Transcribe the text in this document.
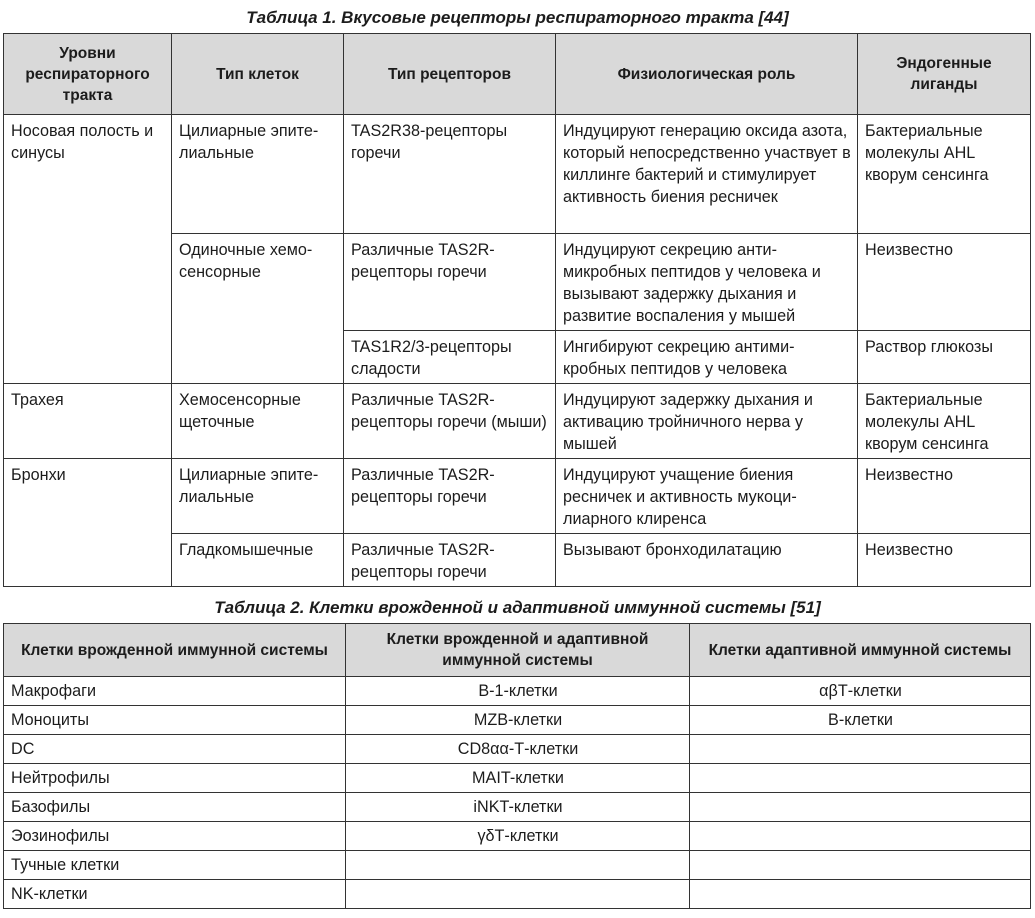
Таблица 1. Вкусовые рецепторы респираторного тракта [44]
Уровни респираторного тракта	Тип клеток	Тип рецепторов	Физиологическая роль	Эндогенные лиганды
Носовая полость и синусы	Цилиарные эпителиальные	TAS2R38-рецепторы горечи	Индуцируют генерацию оксида азота, который непосредственно участвует в киллинге бактерий и стимулирует активность биения ресничек	Бактериальные молекулы AHL кворум сенсинга
	Одиночные хемосенсорные	Различные TAS2R-рецепторы горечи	Индуцируют секрецию антимикробных пептидов у человека и вызывают задержку дыхания и развитие воспаления у мышей	Неизвестно
		TAS1R2/3-рецепторы сладости	Ингибируют секрецию антимикробных пептидов у человека	Раствор глюкозы
Трахея	Хемосенсорные щеточные	Различные TAS2R-рецепторы горечи (мыши)	Индуцируют задержку дыхания и активацию тройничного нерва у мышей	Бактериальные молекулы AHL кворум сенсинга
Бронхи	Цилиарные эпителиальные	Различные TAS2R-рецепторы горечи	Индуцируют учащение биения ресничек и активность мукоцилиарного клиренса	Неизвестно
	Гладкомышечные	Различные TAS2R-рецепторы горечи	Вызывают бронходилатацию	Неизвестно
Таблица 2. Клетки врожденной и адаптивной иммунной системы [51]
Клетки врожденной иммунной системы	Клетки врожденной и адаптивной иммунной системы	Клетки адаптивной иммунной системы
Макрофаги	B-1-клетки	αβТ-клетки
Моноциты	MZB-клетки	В-клетки
DC	CD8αα-Т-клетки	
Нейтрофилы	MAIT-клетки	
Базофилы	iNKT-клетки	
Эозинофилы	γδТ-клетки	
Тучные клетки		
NK-клетки		
